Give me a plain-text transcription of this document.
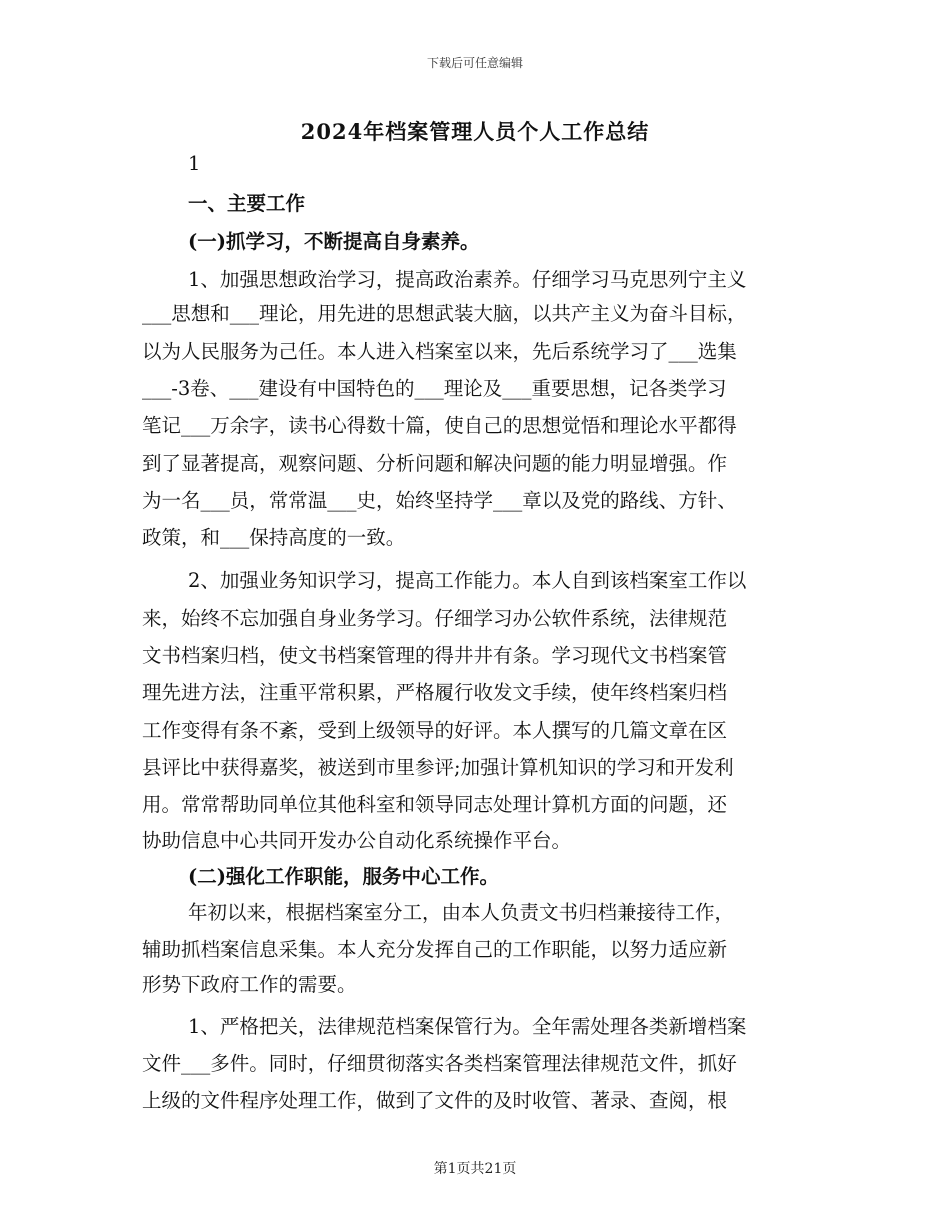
下载后可任意编辑
2024年档案管理人员个人工作总结
1
一、主要工作
(一)抓学习，不断提高自身素养。
1、加强思想政治学习，提高政治素养。仔细学习马克思列宁主义
___思想和___理论，用先进的思想武装大脑，以共产主义为奋斗目标，
以为人民服务为己任。本人进入档案室以来，先后系统学习了___选集
___-3卷、___建设有中国特色的___理论及___重要思想，记各类学习
笔记___万余字，读书心得数十篇，使自己的思想觉悟和理论水平都得
到了显著提高，观察问题、分析问题和解决问题的能力明显增强。作
为一名___员，常常温___史，始终坚持学___章以及党的路线、方针、
政策，和___保持高度的一致。
2、加强业务知识学习，提高工作能力。本人自到该档案室工作以
来，始终不忘加强自身业务学习。仔细学习办公软件系统，法律规范
文书档案归档，使文书档案管理的得井井有条。学习现代文书档案管
理先进方法，注重平常积累，严格履行收发文手续，使年终档案归档
工作变得有条不紊，受到上级领导的好评。本人撰写的几篇文章在区
县评比中获得嘉奖，被送到市里参评;加强计算机知识的学习和开发利
用。常常帮助同单位其他科室和领导同志处理计算机方面的问题，还
协助信息中心共同开发办公自动化系统操作平台。
(二)强化工作职能，服务中心工作。
年初以来，根据档案室分工，由本人负责文书归档兼接待工作，
辅助抓档案信息采集。本人充分发挥自己的工作职能，以努力适应新
形势下政府工作的需要。
1、严格把关，法律规范档案保管行为。全年需处理各类新增档案
文件___多件。同时，仔细贯彻落实各类档案管理法律规范文件，抓好
上级的文件程序处理工作，做到了文件的及时收管、著录、查阅，根
第1页共21页
